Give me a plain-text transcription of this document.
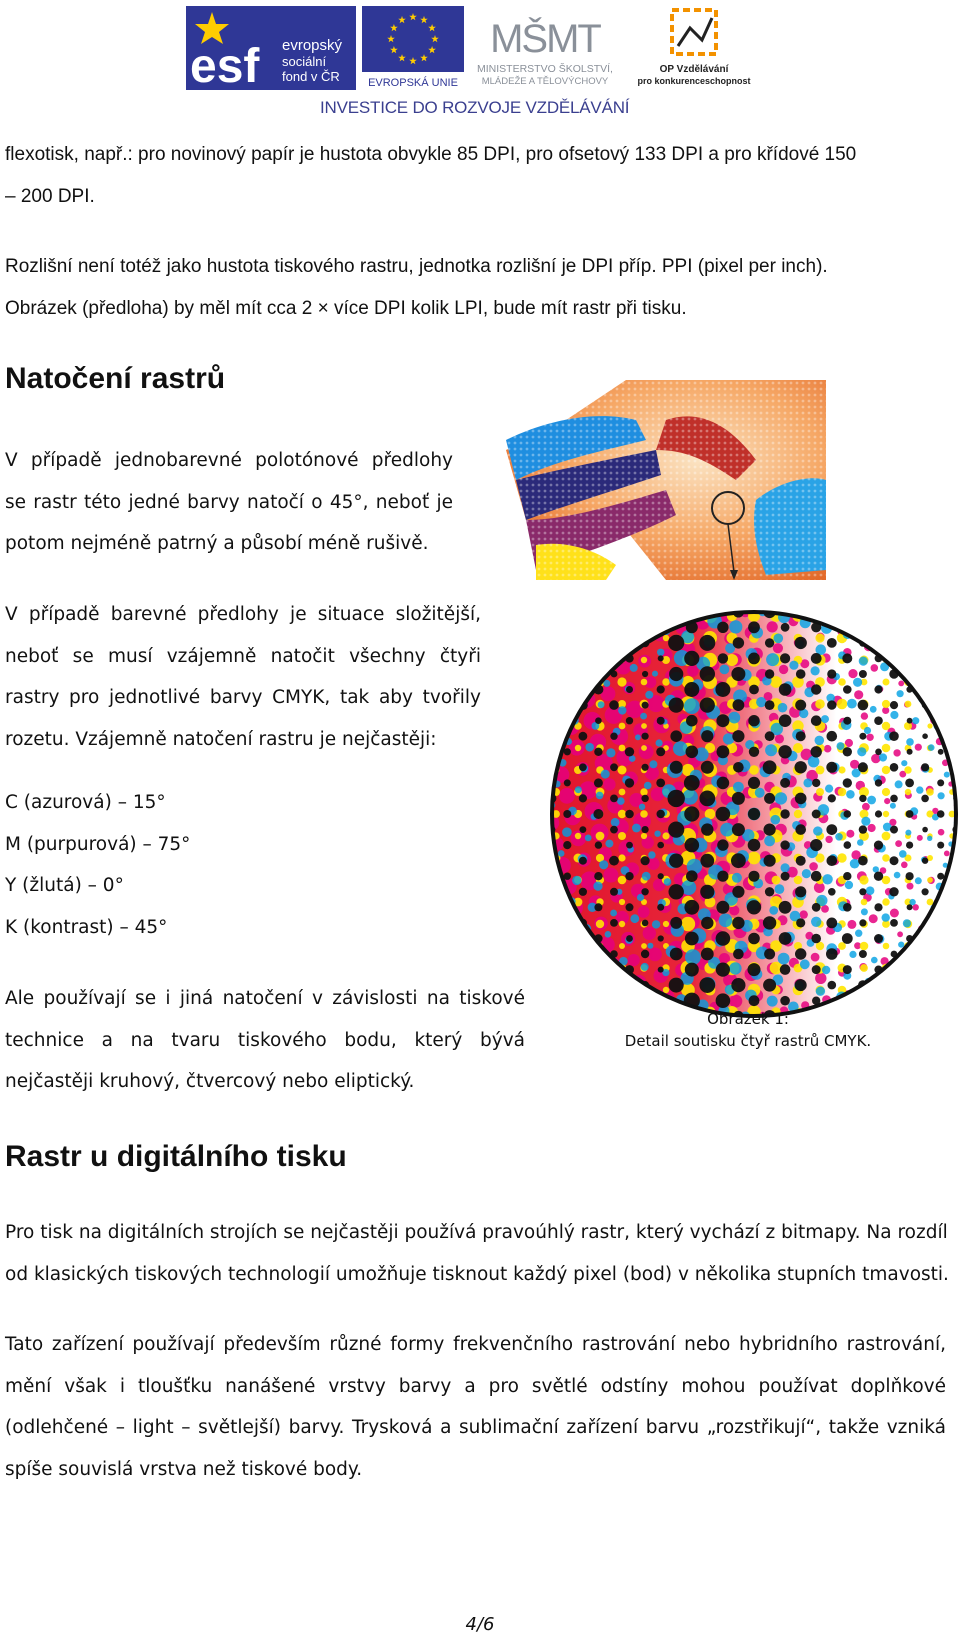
esf evropský
sociální
fond v ČR	EVROPSKÁ UNIE
MŠMT
MINISTERSTVO ŠKOLSTVÍ,
MLÁDEŽE A TĚLOVÝCHOVY
OP Vzdělávání
pro konkurenceschopnost
INVESTICE DO ROZVOJE VZDĚLÁVÁNÍ
flexotisk, např.: pro novinový papír je hustota obvykle 85 DPI, pro ofsetový 133 DPI a pro křídové 150
– 200 DPI.
Rozlišní není totéž jako hustota tiskového rastru, jednotka rozlišní je DPI příp. PPI (pixel per inch).
Obrázek (předloha) by měl mít cca 2 × více DPI kolik LPI, bude mít rastr při tisku.
Natočení rastrů
V případě jednobarevné polotónové předlohy
se rastr této jedné barvy natočí o 45°, neboť je
potom nejméně patrný a působí méně rušivě.
V případě barevné předlohy je situace složitější,
neboť se musí vzájemně natočit všechny čtyři
rastry pro jednotlivé barvy CMYK, tak aby tvořily
rozetu. Vzájemně natočení rastru je nejčastěji:
C (azurová) – 15°
M (purpurová) – 75°
Y (žlutá) – 0°
K (kontrast) – 45°
Ale používají se i jiná natočení v závislosti na tiskové
technice a na tvaru tiskového bodu, který bývá
nejčastěji kruhový, čtvercový nebo eliptický.
Obrázek 1:
Detail soutisku čtyř rastrů CMYK.
Rastr u digitálního tisku
Pro tisk na digitálních strojích se nejčastěji používá pravoúhlý rastr, který vychází z bitmapy. Na rozdíl
od klasických tiskových technologií umožňuje tisknout každý pixel (bod) v několika stupních tmavosti.
Tato zařízení používají především různé formy frekvenčního rastrování nebo hybridního rastrování,
mění však i tloušťku nanášené vrstvy barvy a pro světlé odstíny mohou používat doplňkové
(odlehčené – light – světlejší) barvy. Trysková a sublimační zařízení barvu „rozstřikují“, takže vzniká
spíše souvislá vrstva než tiskové body.
4/6
